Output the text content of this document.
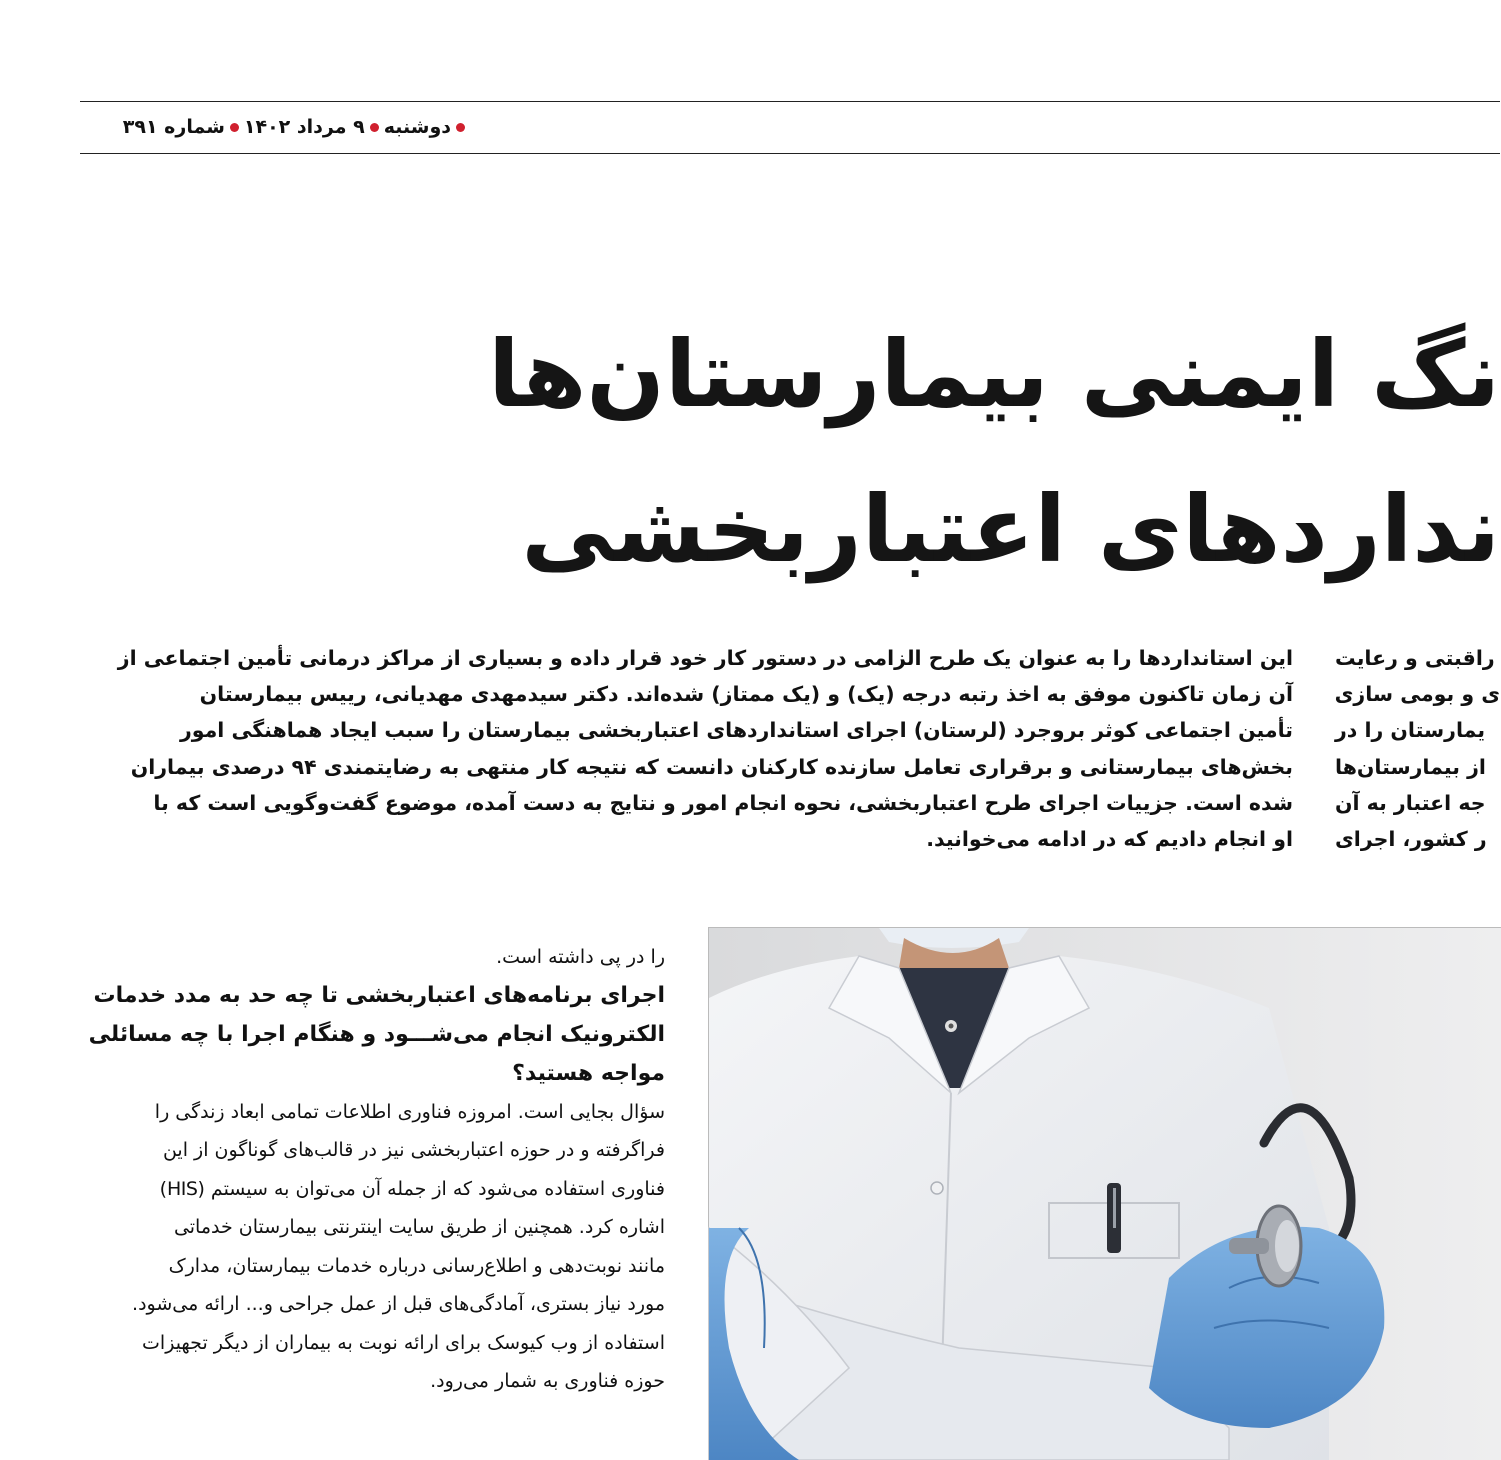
دوشنبه۹ مرداد ۱۴۰۲شماره ۳۹۱
نگ ایمنی بیمارستان‌ها
نداردهای اعتباربخشی
این استانداردها را به عنوان یک طرح الزامی در دستور کار خود قرار داده و بسیاری از مراکز درمانی تأمین اجتماعی از
آن زمان تاکنون موفق به اخذ رتبه درجه (یک) و (یک ممتاز) شده‌اند. دکتر سیدمهدی مهدیانی، رییس بیمارستان
تأمین اجتماعی کوثر بروجرد (لرستان) اجرای استانداردهای اعتباربخشی بیمارستان را سبب ایجاد هماهنگی امور
بخش‌های بیمارستانی و برقراری تعامل سازنده کارکنان دانست که نتیجه کار منتهی به رضایتمندی ۹۴ درصدی بیماران
شده است. جزییات اجرای طرح اعتباربخشی، نحوه انجام امور و نتایج به دست آمده، موضوع گفت‌وگویی است که با
او انجام دادیم که در ادامه می‌خوانید.
راقبتی و رعایت
ی و بومی سازی
یمارستان را در
از بیمارستان‌ها
جه اعتبار به آن
ر کشور، اجرای
را در پی داشته است.
اجرای برنامه‌های اعتباربخشی تا چه حد به مدد خدمات
الکترونیک انجام می‌شـــود و هنگام اجرا با چه مسائلی
مواجه هستید؟
سؤال بجایی است. امروزه فناوری اطلاعات تمامی ابعاد زندگی را
فراگرفته و در حوزه اعتباربخشی نیز در قالب‌های گوناگون از این
فناوری استفاده می‌شود که از جمله آن می‌توان به سیستم (HIS)
اشاره کرد. همچنین از طریق سایت اینترنتی بیمارستان خدماتی
مانند نوبت‌دهی و اطلاع‌رسانی درباره خدمات بیمارستان، مدارک
مورد نیاز بستری، آمادگی‌های قبل از عمل جراحی و... ارائه می‌شود.
استفاده از وب کیوسک برای ارائه نوبت به بیماران از دیگر تجهیزات
حوزه فناوری به شمار می‌رود.
